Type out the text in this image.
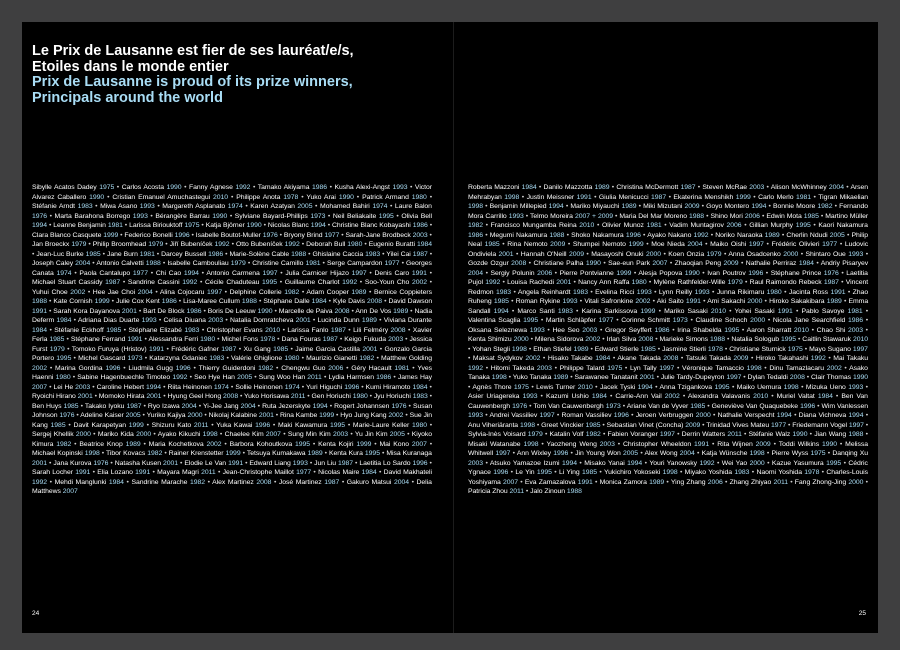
Le Prix de Lausanne est fier de ses lauréat/e/s,
Etoiles dans le monde entier
Prix de Lausanne is proud of its prize winners,
Principals around the world
Sibylle Acatos Dadey 1975 • Carlos Acosta 1990 • Fanny Agnese 1992 • Tamako Akiyama 1986 • Kusha Alexi-Angst 1993 • Victor Alvarez Caballero 1990 • Cristian Emanuel Amuchastegui 2010 • Philippe Anota 1978 • Yuko Arai 1990 • Patrick Armand 1980 • Stéfanie Arndt 1983 • Miwa Asano 1993 • Margareth Asplanato 1974 • Karen Azatyan 2005 • Mohamed Bahiri 1974 • Laure Balon 1976 • Marta Barahona Borrego 1993 • Bérangère Barrau 1990 • Sylviane Bayard-Phillips 1973 • Neil Beliakaite 1995 • Olivia Bell 1994 • Leanne Benjamin 1981 • Larissa Biriouktoff 1975 • Katja Björner 1990 • Nicolas Blanc 1994 • Christine Blanc Kobayashi 1986 • Clara Blanco Casquete 1999 • Federico Bonelli 1996 • Isabelle Boutot-Muller 1976 • Bryony Brind 1977 • Sarah-Jane Brodbeck 2003 • Jan Broeckx 1979 • Philip Broomhead 1979 • Jiří Bubeníček 1992 • Otto Bubeníček 1992 • Deborah Bull 1980 • Eugenio Buratti 1984 • Jean-Luc Burke 1985 • Jane Burn 1981 • Darcey Bussell 1986 • Marie-Solène Cable 1988 • Ghislaine Caccia 1983 • Yilei Cai 1987 • Joseph Caley 2004 • Antonio Calvetti 1988 • Isabelle Cambouliau 1979 • Christine Camillo 1981 • Serge Campardon 1977 • Georges Canata 1974 • Paola Cantalupo 1977 • Chi Cao 1994 • Antonio Carmena 1997 • Julia Carnicer Hijazo 1997 • Denis Caro 1991 • Michael Stuart Cassidy 1987 • Sandrine Cassini 1992 • Cécile Chaduteau 1995 • Guillaume Charlot 1992 • Soo-Youn Cho 2002 • Yuhui Choe 2002 • Hee Jae Choi 2004 • Alina Cojocaru 1997 • Delphine Collerie 1982 • Adam Cooper 1989 • Bernice Coppieters 1988 • Kate Cornish 1999 • Julie Cox Kent 1986 • Lisa-Maree Cullum 1988 • Stéphane Dalle 1984 • Kyle Davis 2008 • David Dawson 1991 • Sarah Kora Dayanova 2001 • Bart De Block 1986 • Boris De Leeuw 1990 • Marcelle de Paiva 2008 • Ann De Vos 1989 • Nadia Deferm 1984 • Adriana Dias Duarte 1993 • Celisa Diuana 2003 • Natalia Domratcheva 2001 • Lucinda Dunn 1989 • Viviana Durante 1984 • Stéfanie Eckhoff 1985 • Stéphane Elizabé 1983 • Christopher Evans 2010 • Larissa Fanlo 1987 • Lili Felméry 2008 • Xavier Ferla 1985 • Stéphane Ferrand 1991 • Alessandra Ferri 1980 • Michel Fons 1978 • Dana Fouras 1987 • Keigo Fukuda 2003 • Jessica Furst 1979 • Tomoko Furuya (Hristov) 1991 • Frédéric Gafner 1987 • Xu Gang 1985 • Jaime Garcia Castilla 2001 • Gonzalo Garcia Portero 1995 • Michel Gascard 1973 • Katarzyna Gdaniec 1983 • Valérie Ghiglione 1980 • Maurizio Gianetti 1982 • Matthew Golding 2002 • Marina Gordina 1996 • Liudmila Gugg 1996 • Thierry Guiderdoni 1982 • Chengwu Guo 2006 • Géry Hacault 1981 • Yves Haenni 1980 • Sabine Hagenbuechle Timoteo 1992 • Seo Hye Han 2005 • Sung Woo Han 2011 • Lydia Harmsen 1986 • James Hay 2007 • Lei He 2003 • Caroline Hebert 1994 • Riita Heinonen 1974 • Sollie Heinonen 1974 • Yuri Higuchi 1996 • Kumi Hiramoto 1984 • Ryoichi Hirano 2001 • Momoko Hirata 2001 • Hyung Geel Hong 2008 • Yuko Horisawa 2011 • Gen Horiuchi 1980 • Jyu Horiuchi 1983 • Ben Huys 1985 • Takako Iyoku 1987 • Ryo Izawa 2004 • Yi-Jee Jang 2004 • Ruta Jezerskyte 1994 • Rogert Johannsen 1976 • Susan Johnson 1976 • Adeline Kaiser 2005 • Yuriko Kajiya 2000 • Nikolaj Kalabine 2001 • Rina Kambe 1999 • Hyo Jung Kang 2002 • Sue Jin Kang 1985 • Davit Karapetyan 1999 • Shizuru Kato 2011 • Yuka Kawai 1996 • Maki Kawamura 1995 • Marie-Laure Keller 1980 • Sergej Khellik 2000 • Mariko Kida 2000 • Ayako Kikuchi 1998 • Chaelee Kim 2007 • Sung Min Kim 2003 • Yu Jin Kim 2005 • Kiyoko Kimura 1982 • Beatrice Knop 1989 • Maria Kochetkova 2002 • Barbora Kohoutkova 1995 • Kenta Kojiri 1999 • Mai Kono 2007 • Michael Kopinski 1998 • Tibor Kovacs 1982 • Rainer Krenstetter 1999 • Tetsuya Kumakawa 1989 • Kenta Kura 1995 • Misa Kuranaga 2001 • Jana Kurova 1976 • Natasha Kusen 2001 • Elodie Le Van 1991 • Edward Liang 1993 • Jun Liu 1987 • Laetitia Lo Sardo 1996 • Sarah Locher 1991 • Elia Lozano 1991 • Mayara Magri 2011 • Jean-Christophe Maillot 1977 • Nicolas Maire 1984 • David Makhateli 1992 • Mehdi Manglunki 1984 • Sandrine Marache 1982 • Alex Martinez 2008 • José Martinez 1987 • Gakuro Matsui 2004 • Delia Matthews 2007
Roberta Mazzoni 1984 • Danilo Mazzotta 1989 • Christina McDermott 1987 • Steven McRae 2003 • Alison McWhinney 2004 • Arsen Mehrabyan 1998 • Justin Meissner 1991 • Giulia Menicucci 1987 • Ekaterina Menshikh 1999 • Carlo Merlo 1981 • Tigran Mikaelian 1998 • Benjamin Millepied 1994 • Mariko Miyauchi 1989 • Miki Mizutani 2009 • Goyo Montero 1994 • Bonnie Moore 1982 • Fernando Mora Carrillo 1993 • Telmo Moreira 2007 + 2009 • Maria Del Mar Moreno 1988 • Shino Mori 2006 • Edwin Mota 1985 • Martino Müller 1982 • Francisco Mungamba Reina 2010 • Olivier Munoz 1981 • Vadim Muntagirov 2006 • Gillian Murphy 1995 • Kaori Nakamura 1986 • Megumi Nakamura 1988 • Shoko Nakamura 1996 • Ayako Nakano 1992 • Noriko Naraoka 1989 • Cherlin Ndudi 2005 • Philip Neal 1985 • Rina Nemoto 2009 • Shumpei Nemoto 1999 • Moe Nieda 2004 • Maiko Oishi 1997 • Frédéric Olivieri 1977 • Ludovic Ondiviela 2001 • Hannah O'Neill 2009 • Masayoshi Onuki 2000 • Koen Onzia 1979 • Anna Osadcenko 2000 • Shintaro Oue 1993 • Gozde Ozgur 2008 • Christiane Palha 1990 • Sae-eun Park 2007 • Zhaoqian Peng 2009 • Nathalie Perriraz 1984 • Andriy Pisaryev 2004 • Sergiy Polunin 2006 • Pierre Pontvianne 1999 • Alesja Popova 1990 • Ivan Poutrov 1996 • Stéphane Prince 1976 • Laetitia Pujol 1992 • Louisa Rachedi 2001 • Nancy Ann Raffa 1980 • Mylène Rathfelder-Wille 1979 • Raul Raimondo Rebeck 1987 • Vincent Redmon 1983 • Angela Reinhardt 1983 • Evelina Ricci 1993 • Lynn Reilly 1993 • Junna Rikimaru 1980 • Jacinta Ross 1991 • Zhao Ruheng 1985 • Roman Rykine 1993 • Vitali Safronkine 2002 • Aki Saito 1991 • Ami Sakachi 2000 • Hiroko Sakakibara 1989 • Emma Sandall 1994 • Marco Santi 1983 • Karina Sarkissova 1999 • Mariko Sasaki 2010 • Yohei Sasaki 1991 • Pablo Savoye 1981 • Valentina Scaglia 1995 • Martin Schläpfer 1977 • Corinne Schmitt 1973 • Claudine Schoch 2000 • Nicola Jane Searchfield 1986 • Oksana Seleznewa 1993 • Hee Seo 2003 • Gregor Seyffert 1986 • Irina Shabelda 1995 • Aaron Sharratt 2010 • Chao Shi 2003 • Kenta Shimizu 2000 • Milena Sidorova 2002 • Irlan Silva 2008 • Marieke Simons 1988 • Natalia Sologub 1995 • Caitlin Stawaruk 2010 • Yohan Stegli 1998 • Ethan Stiefel 1989 • Edward Stierle 1985 • Jasmine Stierli 1978 • Christiane Sturnick 1975 • Mayo Sugano 1997 • Maksat Sydykov 2002 • Hisako Takabe 1984 • Akane Takada 2008 • Tatsuki Takada 2009 • Hiroko Takahashi 1992 • Mai Takaku 1992 • Hitomi Takeda 2003 • Philippe Talard 1975 • Lyn Tally 1997 • Véronique Tamaccio 1998 • Dinu Tamazlacaru 2002 • Asako Tanaka 1998 • Yuko Tanaka 1989 • Sarawanee Tanatanit 2001 • Julie Tardy-Dupeyron 1997 • Dylan Tedaldi 2008 • Clair Thomas 1990 • Agnès Thore 1975 • Lewis Turner 2010 • Jacek Tyski 1994 • Anna Tzigankova 1995 • Maiko Uemura 1998 • Mizuka Ueno 1993 • Asier Uriagereka 1993 • Kazumi Ushio 1984 • Carrie-Ann Vail 2002 • Alexandra Valavanis 2010 • Muriel Valtat 1984 • Ben Van Cauwenbergh 1976 • Tom Van Cauwenbergh 1973 • Ariane Van de Vyver 1985 • Geneviève Van Quaquebeke 1996 • Wim Vanlessen 1993 • Andrei Vassiliev 1997 • Roman Vassiliev 1996 • Jeroen Verbruggen 2000 • Nathalie Verspecht 1994 • Diana Vichneva 1994 • Anu Viheriäranta 1998 • Greet Vinckier 1985 • Sebastian Vinet (Concha) 2009 • Trinidad Vives Mateu 1977 • Friedemann Vogel 1997 • Sylvia-Inès Voisard 1979 • Katalin Volf 1982 • Fabien Voranger 1997 • Derrin Watters 2011 • Stéfanie Walz 1990 • Jian Wang 1988 • Misaki Watanabe 1998 • Yaozheng Weng 2003 • Christopher Wheeldon 1991 • Rita Wijnen 2009 • Toddi Wilkins 1990 • Melissa Whitwell 1997 • Ann Wixley 1996 • Jin Young Won 2005 • Alex Wong 2004 • Katja Wünsche 1998 • Pierre Wyss 1975 • Danqing Xu 2003 • Atsuko Yamazoe Izumi 1994 • Misako Yanai 1994 • Youri Yanowsky 1992 • Wei Yao 2000 • Kazue Yasumura 1995 • Cédric Ygnace 1996 • Le Yin 1995 • Li Ying 1985 • Yukichiro Yokoseki 1998 • Miyako Yoshida 1983 • Naomi Yoshida 1978 • Charles-Louis Yoshiyama 2007 • Eva Zamazalova 1991 • Monica Zamora 1989 • Ying Zhang 2006 • Zhang Zhiyao 2011 • Fang Zhong-Jing 2000 • Patricia Zhou 2011 • Jalo Zinoun 1988
24	25
